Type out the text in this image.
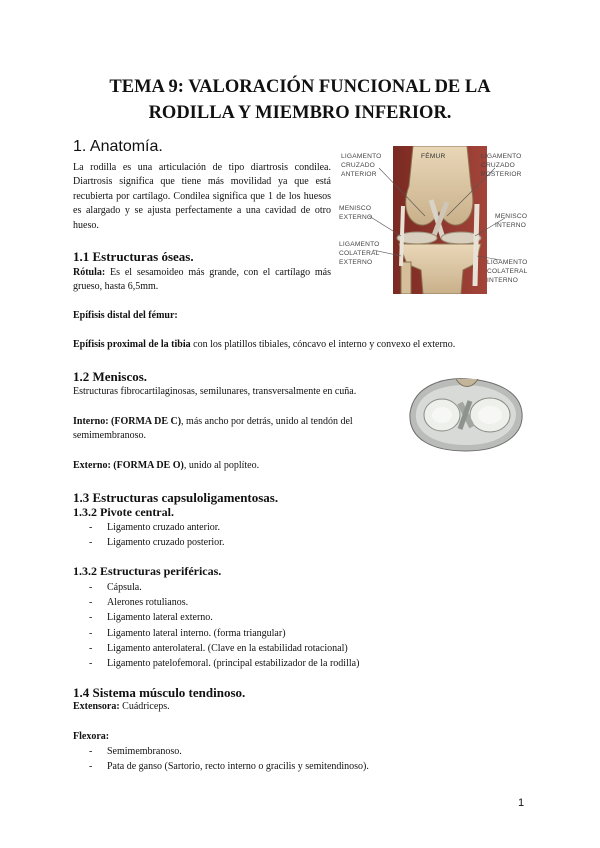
TEMA 9: VALORACIÓN FUNCIONAL DE LA
RODILLA Y MIEMBRO INFERIOR.
1. Anatomía.
La rodilla es una articulación de tipo diartrosis condilea. Diartrosis significa que tiene más movilidad ya que está recubierta por cartílago. Condilea significa que 1 de los huesos es alargado y se ajusta perfectamente a una cavidad de otro hueso.
LIGAMENTO
CRUZADO
ANTERIOR
FÉMUR	LIGAMENTO
CRUZADO
POSTERIOR
MENISCO
EXTERNO	MENISCO
INTERNO
LIGAMENTO
COLATERAL
EXTERNO	LIGAMENTO
COLATERAL
INTERNO
1.1 Estructuras óseas.
Rótula: Es el sesamoideo más grande, con el cartílago más grueso, hasta 6,5mm.
Epífisis distal del fémur:
Epífisis proximal de la tibia con los platillos tibiales, cóncavo el interno y convexo el externo.
1.2 Meniscos.
Estructuras fibrocartilaginosas, semilunares, transversalmente en cuña.
Interno: (FORMA DE C), más ancho por detrás, unido al tendón del semimembranoso.
Externo: (FORMA DE O), unido al poplíteo.
1.3 Estructuras capsuloligamentosas.
1.3.2 Pivote central.
- Ligamento cruzado anterior.
- Ligamento cruzado posterior.
1.3.2 Estructuras periféricas.
- Cápsula.
- Alerones rotulianos.
- Ligamento lateral externo.
- Ligamento lateral interno. (forma triangular)
- Ligamento anterolateral. (Clave en la estabilidad rotacional)
- Ligamento patelofemoral. (principal estabilizador de la rodilla)
1.4 Sistema músculo tendinoso.
Extensora: Cuádriceps.
Flexora:
- Semimembranoso.
- Pata de ganso (Sartorio, recto interno o gracilis y semitendinoso).
1
